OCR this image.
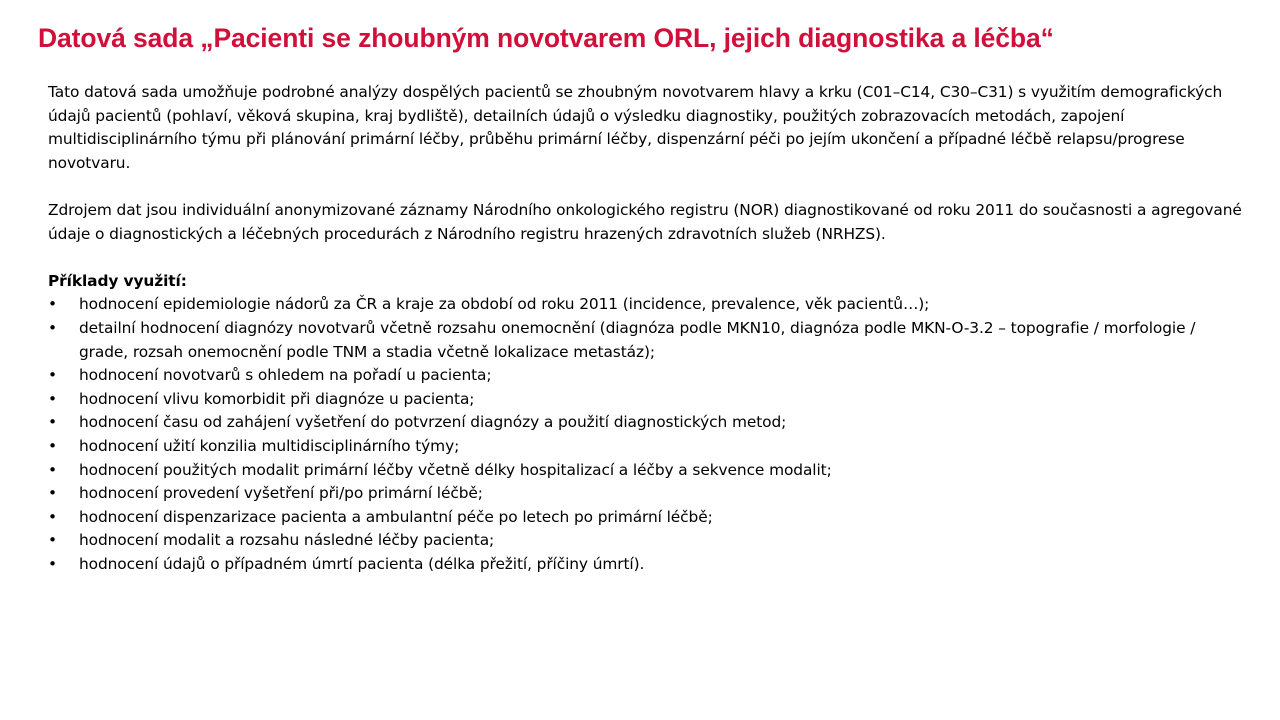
Datová sada „Pacienti se zhoubným novotvarem ORL, jejich diagnostika a léčba“

Tato datová sada umožňuje podrobné analýzy dospělých pacientů se zhoubným novotvarem hlavy a krku (C01–C14, C30–C31) s využitím demografických údajů pacientů (pohlaví, věková skupina, kraj bydliště), detailních údajů o výsledku diagnostiky, použitých zobrazovacích metodách, zapojení multidisciplinárního týmu při plánování primární léčby, průběhu primární léčby, dispenzární péči po jejím ukončení a případné léčbě relapsu/progrese novotvaru.

Zdrojem dat jsou individuální anonymizované záznamy Národního onkologického registru (NOR) diagnostikované od roku 2011 do současnosti a agregované údaje o diagnostických a léčebných procedurách z Národního registru hrazených zdravotních služeb (NRHZS).

Příklady využití:

• hodnocení epidemiologie nádorů za ČR a kraje za období od roku 2011 (incidence, prevalence, věk pacientů…);
• detailní hodnocení diagnózy novotvarů včetně rozsahu onemocnění (diagnóza podle MKN10, diagnóza podle MKN-O-3.2 – topografie / morfologie / grade, rozsah onemocnění podle TNM a stadia včetně lokalizace metastáz);
• hodnocení novotvarů s ohledem na pořadí u pacienta;
• hodnocení vlivu komorbidit při diagnóze u pacienta;
• hodnocení času od zahájení vyšetření do potvrzení diagnózy a použití diagnostických metod;
• hodnocení užití konzilia multidisciplinárního týmy;
• hodnocení použitých modalit primární léčby včetně délky hospitalizací a léčby a sekvence modalit;
• hodnocení provedení vyšetření při/po primární léčbě;
• hodnocení dispenzarizace pacienta a ambulantní péče po letech po primární léčbě;
• hodnocení modalit a rozsahu následné léčby pacienta;
• hodnocení údajů o případném úmrtí pacienta (délka přežití, příčiny úmrtí).
